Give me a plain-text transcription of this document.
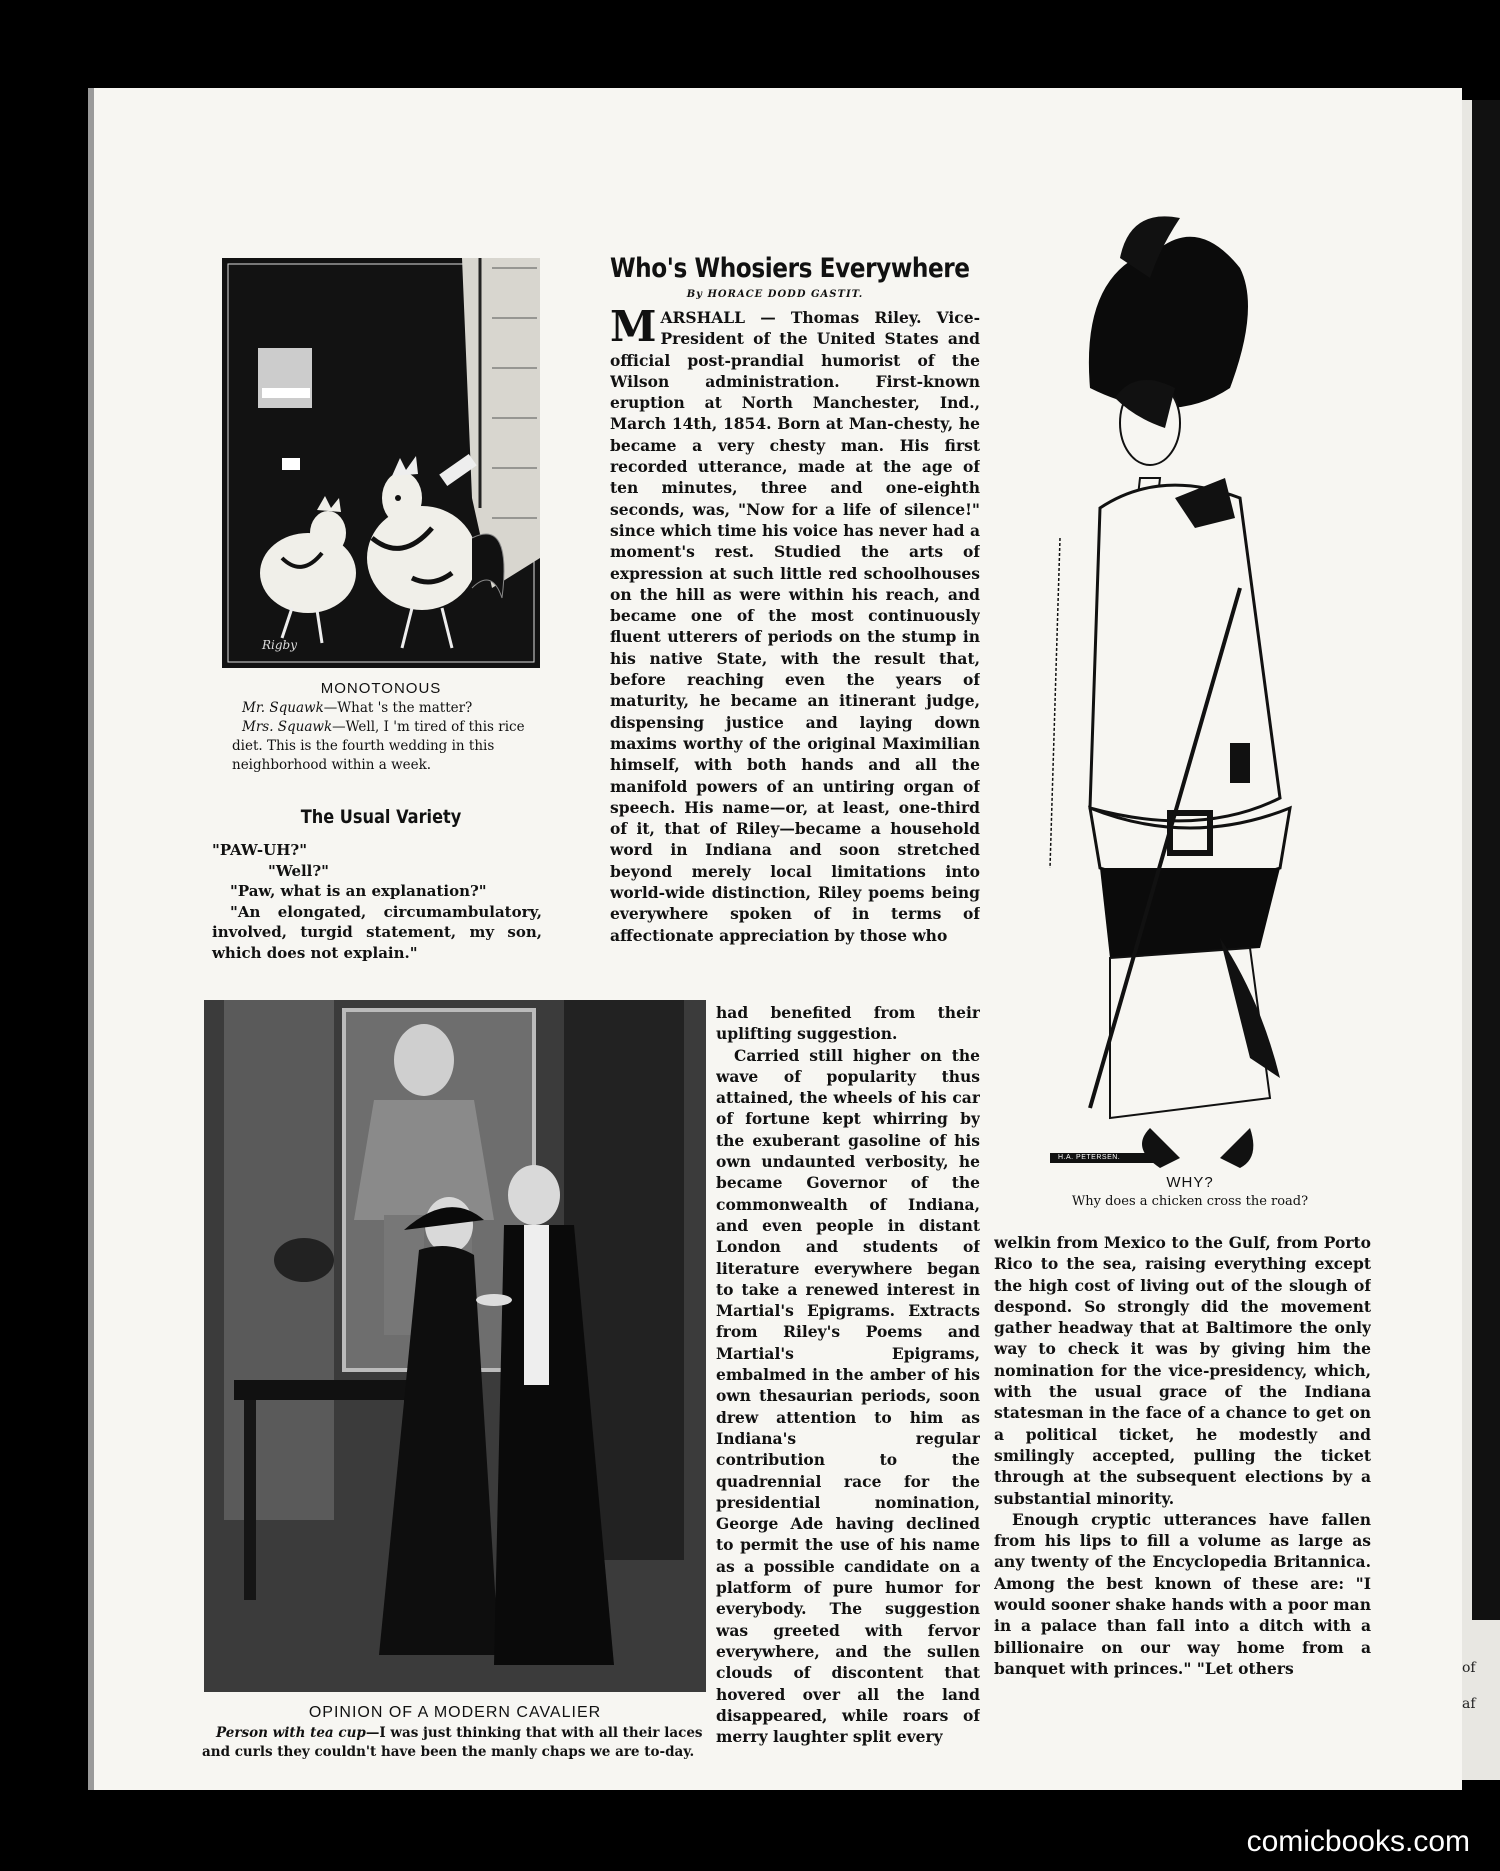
of
af
Rigby
MONOTONOUS
Mr. Squawk—What 's the matter?
Mrs. Squawk—Well, I 'm tired of this rice diet. This is the fourth wedding in this neighborhood within a week.
The Usual Variety
"PAW-UH?"
"Well?"

"Paw, what is an explanation?"

"An elongated, circumambulatory, involved, turgid statement, my son, which does not explain."

OPINION OF A MODERN CAVALIER
Person with tea cup—I was just thinking that with all their laces and curls they couldn't have been the manly chaps we are to-day.
Who's Whosiers Everywhere
By HORACE DODD GASTIT.
MARSHALL — Thomas Riley. Vice-President of the United States and official post-prandial humorist of the Wilson administration. First-known eruption at North Manchester, Ind., March 14th, 1854. Born at Man-chesty, he became a very chesty man. His first recorded utterance, made at the age of ten minutes, three and one-eighth seconds, was, "Now for a life of silence!" since which time his voice has never had a moment's rest. Studied the arts of expression at such little red schoolhouses on the hill as were within his reach, and became one of the most continuously fluent utterers of periods on the stump in his native State, with the result that, before reaching even the years of maturity, he became an itinerant judge, dispensing justice and laying down maxims worthy of the original Maximilian himself, with both hands and all the manifold powers of an untiring organ of speech. His name—or, at least, one-third of it, that of Riley—became a household word in Indiana and soon stretched beyond merely local limitations into world-wide distinction, Riley poems being everywhere spoken of in terms of affectionate appreciation by those who

had benefited from their uplifting suggestion.

Carried still higher on the wave of popularity thus attained, the wheels of his car of fortune kept whirring by the exuberant gasoline of his own undaunted verbosity, he became Governor of the commonwealth of Indiana, and even people in distant London and students of literature everywhere began to take a renewed interest in Martial's Epigrams. Extracts from Riley's Poems and Martial's Epigrams, embalmed in the amber of his own thesaurian periods, soon drew attention to him as Indiana's regular contribution to the quadrennial race for the presidential nomination, George Ade having declined to permit the use of his name as a possible candidate on a platform of pure humor for everybody. The suggestion was greeted with fervor everywhere, and the sullen clouds of discontent that hovered over all the land disappeared, while roars of merry laughter split every

H.A. PETERSEN.
WHY?
Why does a chicken cross the road?

welkin from Mexico to the Gulf, from Porto Rico to the sea, raising everything except the high cost of living out of the slough of despond. So strongly did the movement gather headway that at Baltimore the only way to check it was by giving him the nomination for the vice-presidency, which, with the usual grace of the Indiana statesman in the face of a chance to get on a political ticket, he modestly and smilingly accepted, pulling the ticket through at the subsequent elections by a substantial minority.

Enough cryptic utterances have fallen from his lips to fill a volume as large as any twenty of the Encyclopedia Britannica. Among the best known of these are: "I would sooner shake hands with a poor man in a palace than fall into a ditch with a billionaire on our way home from a banquet with princes." "Let others

comicbooks.com
